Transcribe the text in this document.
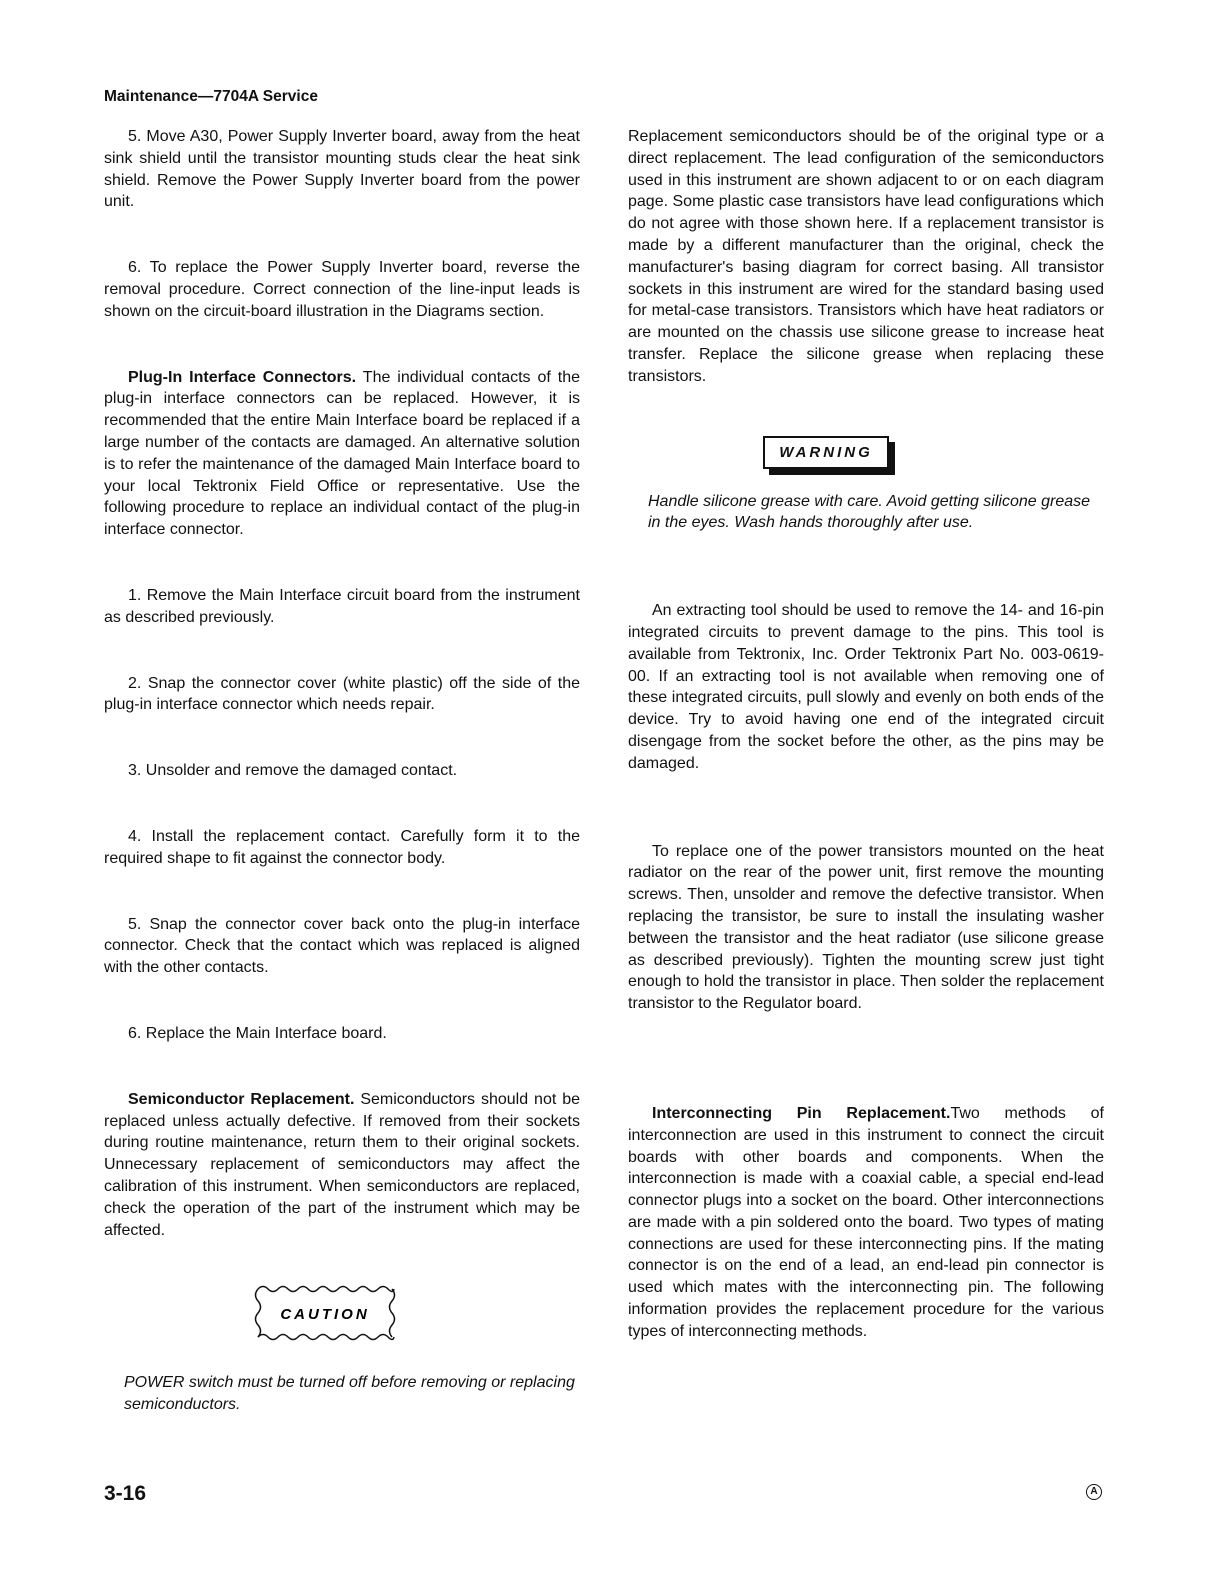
Maintenance—7704A Service

5. Move A30, Power Supply Inverter board, away from the heat sink shield until the transistor mounting studs clear the heat sink shield. Remove the Power Supply Inverter board from the power unit.

6. To replace the Power Supply Inverter board, reverse the removal procedure. Correct connection of the line-input leads is shown on the circuit-board illustration in the Diagrams section.

Plug-In Interface Connectors. The individual contacts of the plug-in interface connectors can be replaced. However, it is recommended that the entire Main Interface board be replaced if a large number of the contacts are damaged. An alternative solution is to refer the maintenance of the damaged Main Interface board to your local Tektronix Field Office or representative. Use the following procedure to replace an individual contact of the plug-in interface connector.

1. Remove the Main Interface circuit board from the instrument as described previously.

2. Snap the connector cover (white plastic) off the side of the plug-in interface connector which needs repair.

3. Unsolder and remove the damaged contact.

4. Install the replacement contact. Carefully form it to the required shape to fit against the connector body.

5. Snap the connector cover back onto the plug-in interface connector. Check that the contact which was replaced is aligned with the other contacts.

6. Replace the Main Interface board.

Semiconductor Replacement. Semiconductors should not be replaced unless actually defective. If removed from their sockets during routine maintenance, return them to their original sockets. Unnecessary replacement of semiconductors may affect the calibration of this instrument. When semiconductors are replaced, check the operation of the part of the instrument which may be affected.

CAUTION

POWER switch must be turned off before removing or replacing semiconductors.

Replacement semiconductors should be of the original type or a direct replacement. The lead configuration of the semiconductors used in this instrument are shown adjacent to or on each diagram page. Some plastic case transistors have lead configurations which do not agree with those shown here. If a replacement transistor is made by a different manufacturer than the original, check the manufacturer's basing diagram for correct basing. All transistor sockets in this instrument are wired for the standard basing used for metal-case transistors. Transistors which have heat radiators or are mounted on the chassis use silicone grease to increase heat transfer. Replace the silicone grease when replacing these transistors.

WARNING

Handle silicone grease with care. Avoid getting silicone grease in the eyes. Wash hands thoroughly after use.

An extracting tool should be used to remove the 14- and 16-pin integrated circuits to prevent damage to the pins. This tool is available from Tektronix, Inc. Order Tektronix Part No. 003-0619-00. If an extracting tool is not available when removing one of these integrated circuits, pull slowly and evenly on both ends of the device. Try to avoid having one end of the integrated circuit disengage from the socket before the other, as the pins may be damaged.

To replace one of the power transistors mounted on the heat radiator on the rear of the power unit, first remove the mounting screws. Then, unsolder and remove the defective transistor. When replacing the transistor, be sure to install the insulating washer between the transistor and the heat radiator (use silicone grease as described previously). Tighten the mounting screw just tight enough to hold the transistor in place. Then solder the replacement transistor to the Regulator board.

Interconnecting Pin Replacement.Two methods of interconnection are used in this instrument to connect the circuit boards with other boards and components. When the interconnection is made with a coaxial cable, a special end-lead connector plugs into a socket on the board. Other interconnections are made with a pin soldered onto the board. Two types of mating connections are used for these interconnecting pins. If the mating connector is on the end of a lead, an end-lead pin connector is used which mates with the interconnecting pin. The following information provides the replacement procedure for the various types of interconnecting methods.

3-16	A
